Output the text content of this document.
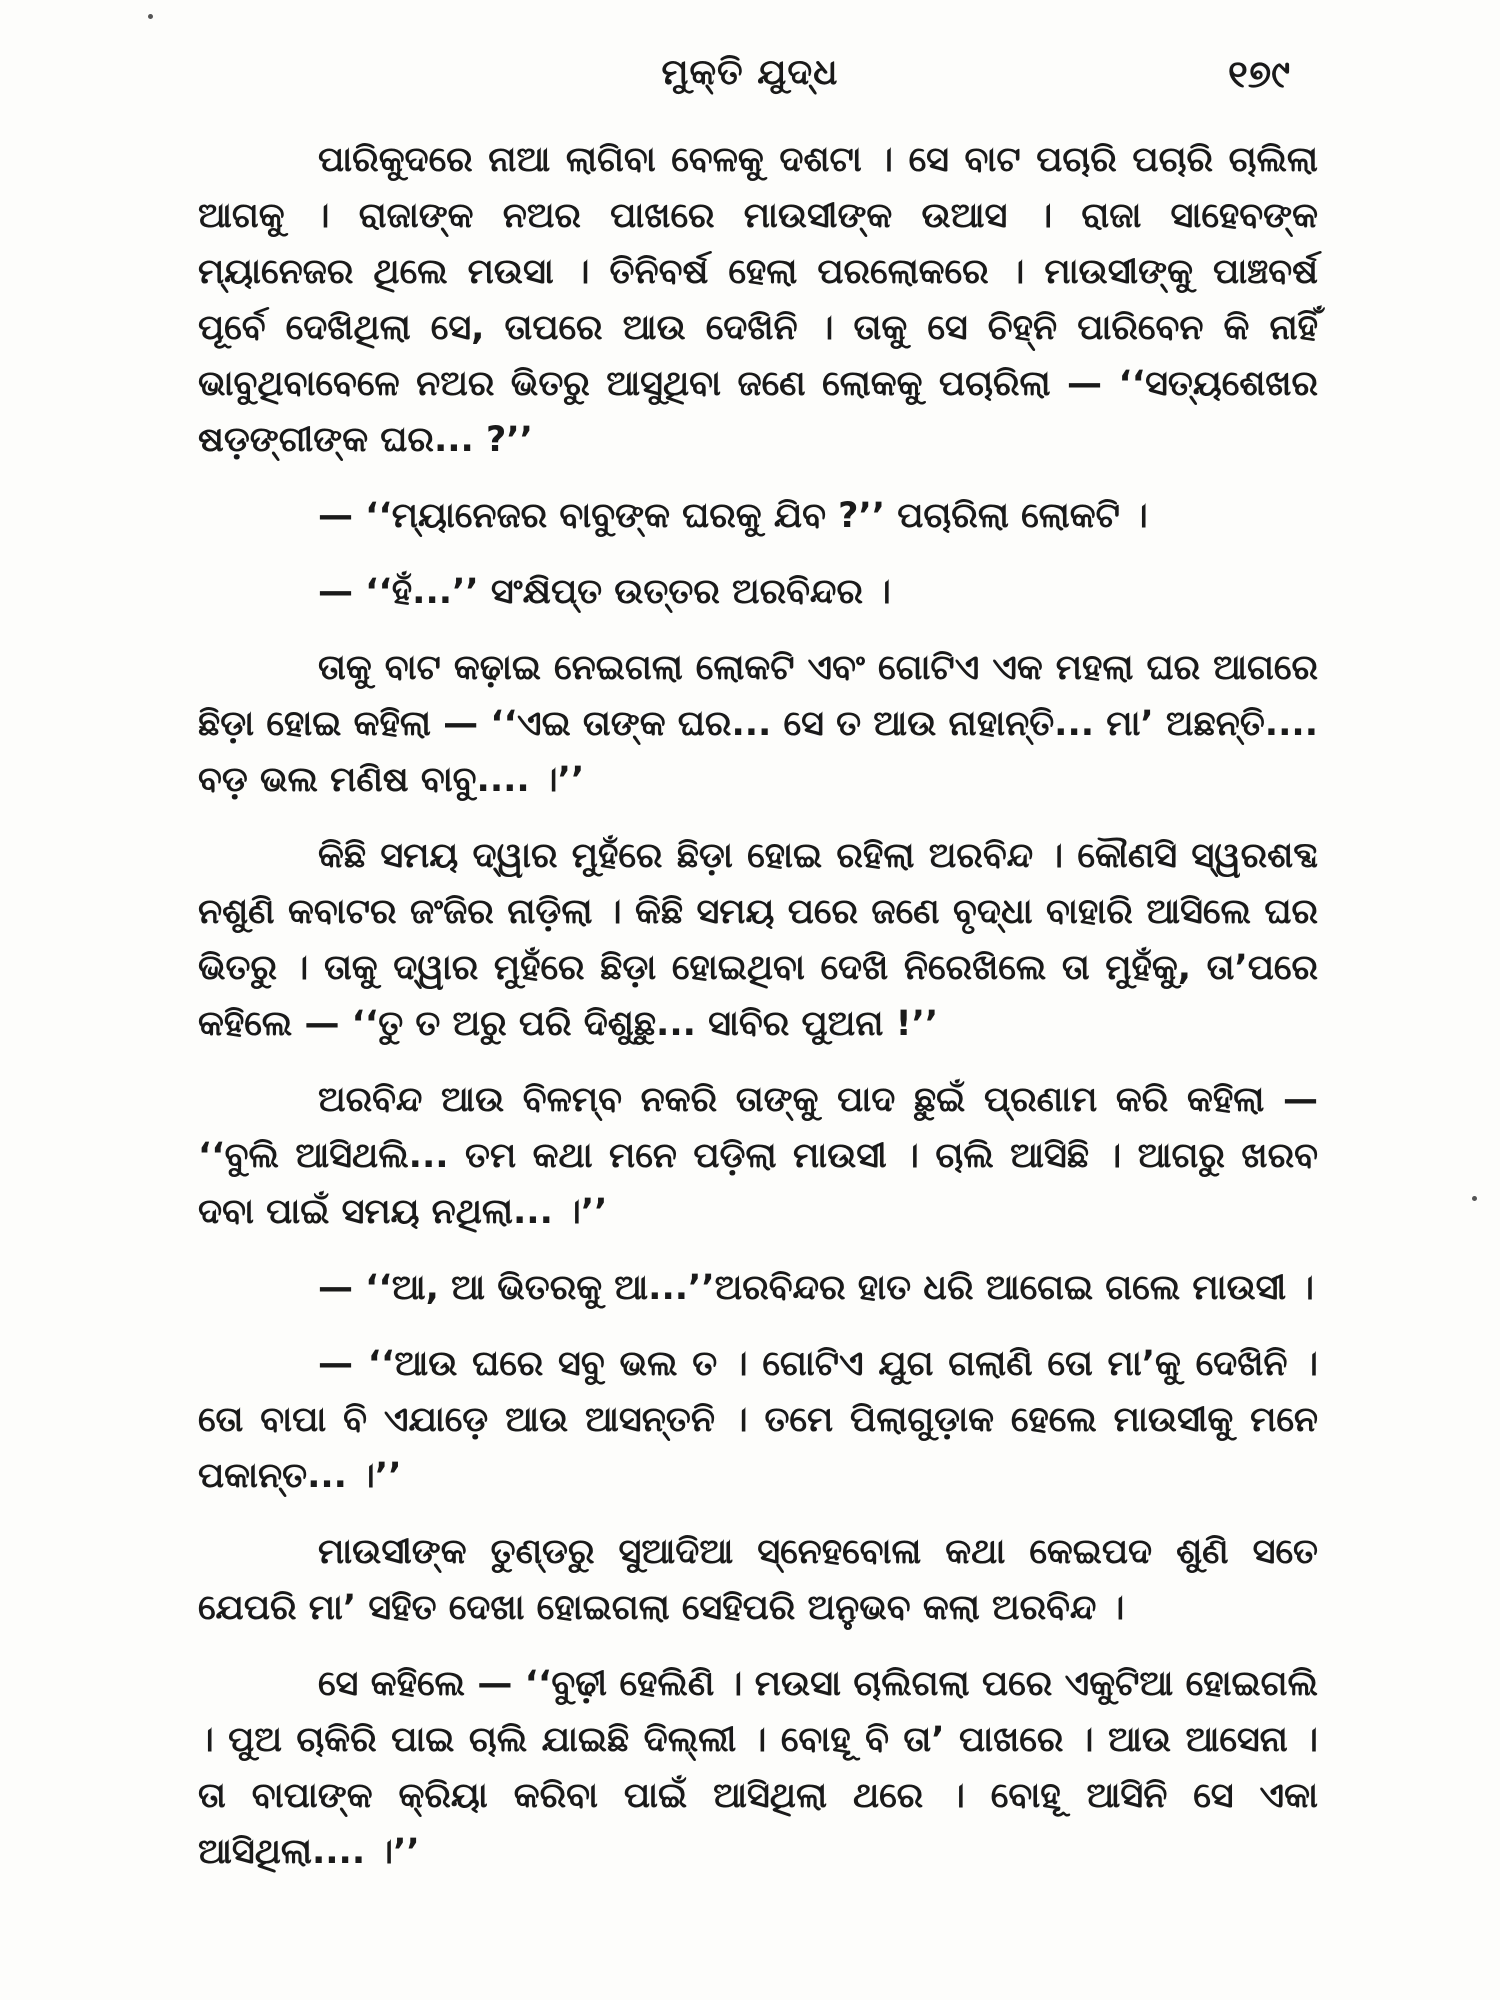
ମୁକ୍ତି ଯୁଦ୍ଧ	୧୭୯

ପାରିକୁଦରେ ନାଆ ଲାଗିବା ବେଳକୁ ଦଶଟା । ସେ ବାଟ ପଚାରି ପଚାରି ଚାଲିଲା ଆଗକୁ । ରାଜାଙ୍କ ନଅର ପାଖରେ ମାଉସୀଙ୍କ ଉଆସ । ରାଜା ସାହେବଙ୍କ ମ୍ୟାନେଜର ଥିଲେ ମଉସା । ତିନିବର୍ଷ ହେଲା ପରଲୋକରେ । ମାଉସୀଙ୍କୁ ପାଞ୍ଚବର୍ଷ ପୂର୍ବେ ଦେଖିଥିଲା ସେ, ତାପରେ ଆଉ ଦେଖିନି । ତାକୁ ସେ ଚିହ୍ନି ପାରିବେନ କି ନାହିଁ ଭାବୁଥିବାବେଳେ ନଅର ଭିତରୁ ଆସୁଥିବା ଜଣେ ଲୋକକୁ ପଚାରିଲା — ‘‘ସତ୍ୟଶେଖର ଷଡ଼ଙ୍ଗୀଙ୍କ ଘର... ?’’

— ‘‘ମ୍ୟାନେଜର ବାବୁଙ୍କ ଘରକୁ ଯିବ ?’’ ପଚାରିଲା ଲୋକଟି ।

— ‘‘ହଁ...’’ ସଂକ୍ଷିପ୍ତ ଉତ୍ତର ଅରବିନ୍ଦର ।

ତାକୁ ବାଟ କଢ଼ାଇ ନେଇଗଲା ଲୋକଟି ଏବଂ ଗୋଟିଏ ଏକ ମହଲା ଘର ଆଗରେ ଛିଡ଼ା ହୋଇ କହିଲା — ‘‘ଏଇ ତାଙ୍କ ଘର... ସେ ତ ଆଉ ନାହାନ୍ତି... ମା’ ଅଛନ୍ତି.... ବଡ଼ ଭଲ ମଣିଷ ବାବୁ.... ।’’

କିଛି ସମୟ ଦ୍ୱାର ମୁହଁରେ ଛିଡ଼ା ହୋଇ ରହିଲା ଅରବିନ୍ଦ । କୌଣସି ସ୍ୱରଶବ୍ଦ ନଶୁଣି କବାଟର ଜଂଜିର ନାଡ଼ିଲା । କିଛି ସମୟ ପରେ ଜଣେ ବୃଦ୍ଧା ବାହାରି ଆସିଲେ ଘର ଭିତରୁ । ତାକୁ ଦ୍ୱାର ମୁହଁରେ ଛିଡ଼ା ହୋଇଥିବା ଦେଖି ନିରେଖିଲେ ତା ମୁହଁକୁ, ତା’ପରେ କହିଲେ — ‘‘ତୁ ତ ଅରୁ ପରି ଦିଶୁଛୁ... ସାବିର ପୁଅନା !’’

ଅରବିନ୍ଦ ଆଉ ବିଳମ୍ବ ନକରି ତାଙ୍କୁ ପାଦ ଛୁଇଁ ପ୍ରଣାମ କରି କହିଲା — ‘‘ବୁଲି ଆସିଥଲି... ତମ କଥା ମନେ ପଡ଼ିଲା ମାଉସୀ । ଚାଲି ଆସିଛି । ଆଗରୁ ଖରବ ଦବା ପାଇଁ ସମୟ ନଥିଲା... ।’’

— ‘‘ଆ, ଆ ଭିତରକୁ ଆ...’’ଅରବିନ୍ଦର ହାତ ଧରି ଆଗେଇ ଗଲେ ମାଉସୀ ।

— ‘‘ଆଉ ଘରେ ସବୁ ଭଲ ତ । ଗୋଟିଏ ଯୁଗ ଗଲାଣି ତୋ ମା’କୁ ଦେଖିନି । ତୋ ବାପା ବି ଏଯାଡ଼େ ଆଉ ଆସନ୍ତନି । ତମେ ପିଲାଗୁଡ଼ାକ ହେଲେ ମାଉସୀକୁ ମନେ ପକାନ୍ତ... ।’’

ମାଉସୀଙ୍କ ତୁଣ୍ଡରୁ ସୁଆଦିଆ ସ୍ନେହବୋଳା କଥା କେଇପଦ ଶୁଣି ସତେ ଯେପରି ମା’ ସହିତ ଦେଖା ହୋଇଗଲା ସେହିପରି ଅନୁଭବ କଲା ଅରବିନ୍ଦ ।

ସେ କହିଲେ — ‘‘ବୁଢ଼ୀ ହେଲିଣି । ମଉସା ଚାଲିଗଲା ପରେ ଏକୁଟିଆ ହୋଇଗଲି । ପୁଅ ଚାକିରି ପାଇ ଚାଲି ଯାଇଛି ଦିଲ୍ଲୀ । ବୋହୂ ବି ତା’ ପାଖରେ । ଆଉ ଆସେନା । ତା ବାପାଙ୍କ କ୍ରିୟା କରିବା ପାଇଁ ଆସିଥିଲା ଥରେ । ବୋହୂ ଆସିନି ସେ ଏକା ଆସିଥିଲା.... ।’’
